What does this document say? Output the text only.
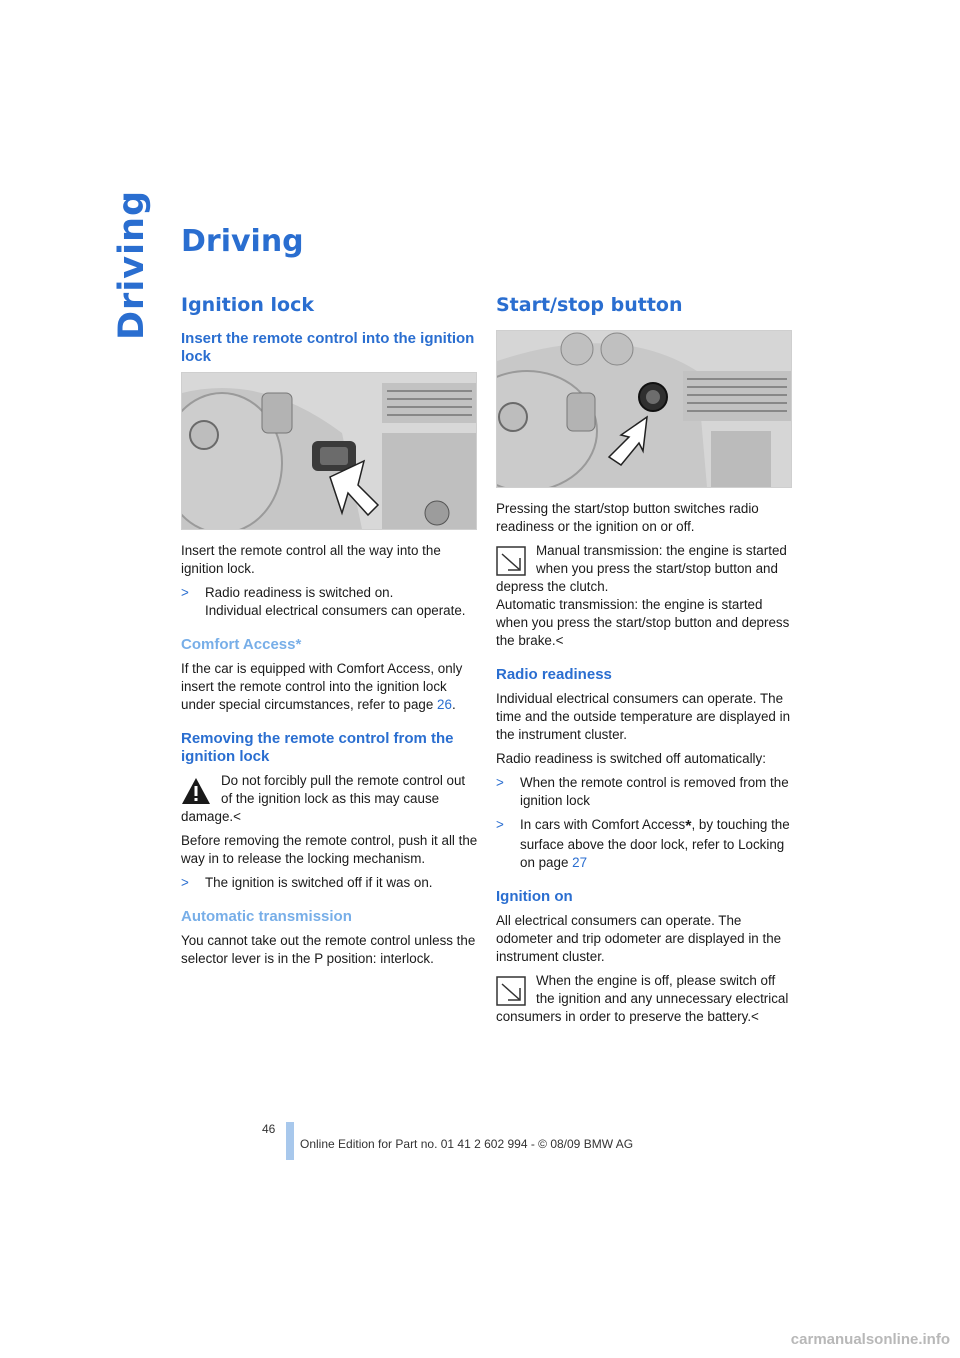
Driving Driving
Ignition lock
Insert the remote control into the ignition lock

Insert the remote control all the way into the ignition lock.

> Radio readiness is switched on.
Individual electrical consumers can operate.
Comfort Access*

If the car is equipped with Comfort Access, only insert the remote control into the ignition lock under special circumstances, refer to page 26.

Removing the remote control from the ignition lock
Do not forcibly pull the remote control out of the ignition lock as this may cause damage.<

Before removing the remote control, push it all the way in to release the locking mechanism.

> The ignition is switched off if it was on.
Automatic transmission

You cannot take out the remote control unless the selector lever is in the P position: interlock.

Start/stop button

Pressing the start/stop button switches radio readiness or the ignition on or off.

Manual transmission: the engine is started when you press the start/stop button and depress the clutch.
Automatic transmission: the engine is started when you press the start/stop button and depress the brake.<
Radio readiness

Individual electrical consumers can operate. The time and the outside temperature are displayed in the instrument cluster.

Radio readiness is switched off automatically:

> When the remote control is removed from the ignition lock
> In cars with Comfort Access*, by touching the surface above the door lock, refer to Locking on page 27
Ignition on

All electrical consumers can operate. The odometer and trip odometer are displayed in the instrument cluster.

When the engine is off, please switch off the ignition and any unnecessary electrical consumers in order to preserve the battery.<
46
Online Edition for Part no. 01 41 2 602 994 - © 08/09 BMW AG
carmanualsonline.info
